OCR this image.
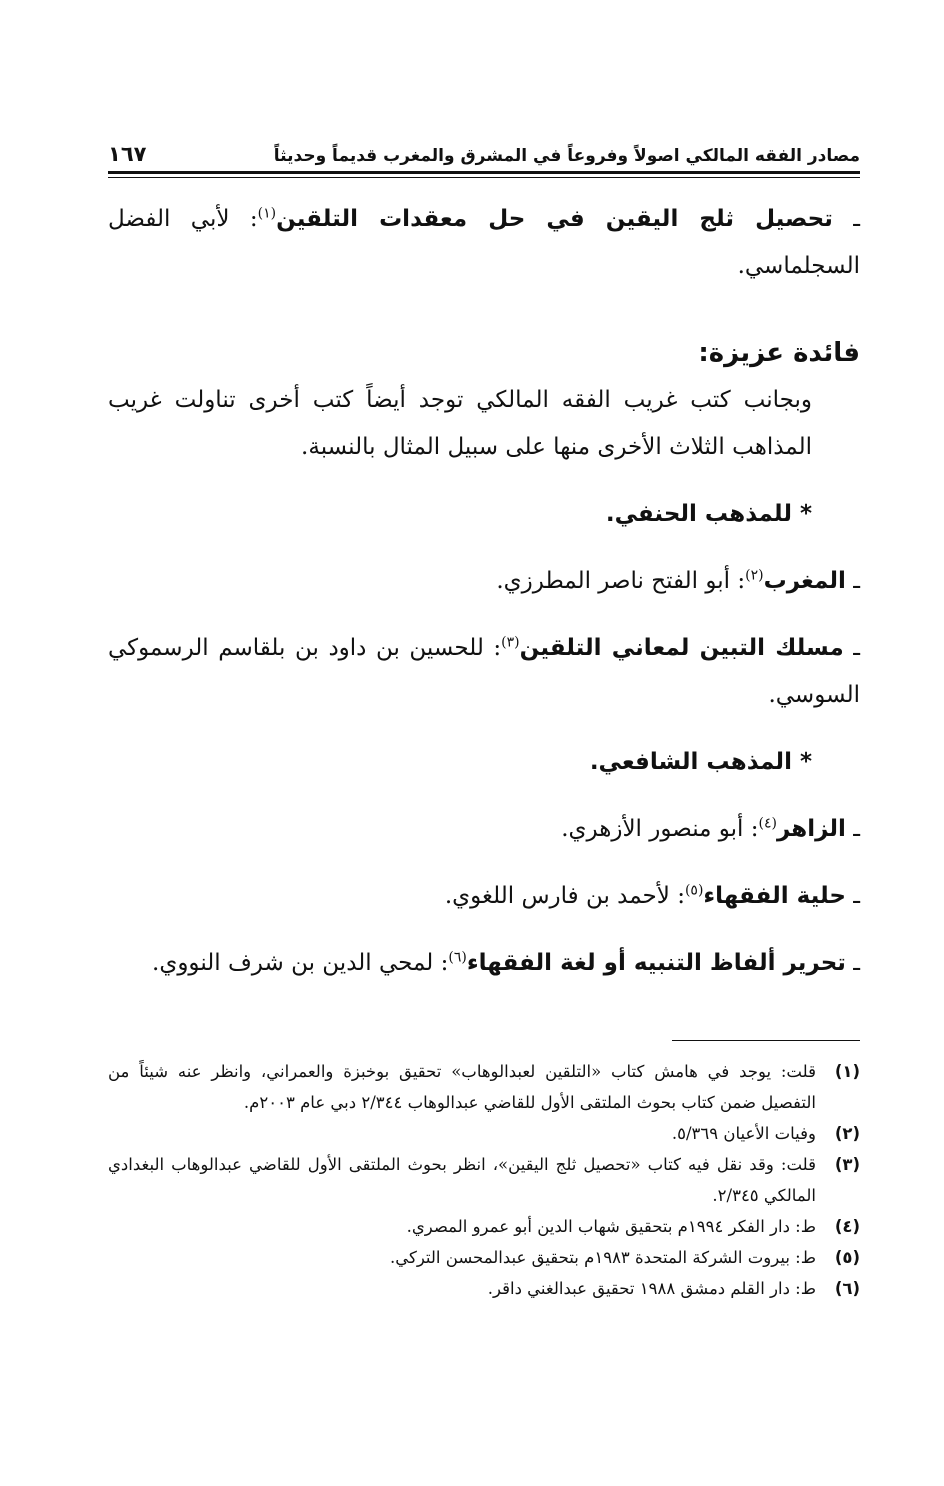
مصادر الفقه المالكي اصولاً وفروعاً في المشرق والمغرب قديماً وحديثاً
١٦٧

ـ تحصيل ثلج اليقين في حل معقدات التلقين$^{(١)}$: لأبي الفضل السجلماسي.

فائدة عزيزة:

وبجانب كتب غريب الفقه المالكي توجد أيضاً كتب أخرى تناولت غريب المذاهب الثلاث الأخرى منها على سبيل المثال بالنسبة.

* للمذهب الحنفي.

ـ المغرب$^{(٢)}$: أبو الفتح ناصر المطرزي.

ـ مسلك التبين لمعاني التلقين$^{(٣)}$: للحسين بن داود بن بلقاسم الرسموكي السوسي.

* المذهب الشافعي.

ـ الزاهر$^{(٤)}$: أبو منصور الأزهري.

ـ حلية الفقهاء$^{(٥)}$: لأحمد بن فارس اللغوي.

ـ تحرير ألفاظ التنبيه أو لغة الفقهاء$^{(٦)}$: لمحي الدين بن شرف النووي.

(١)
قلت: يوجد في هامش كتاب «التلقين لعبدالوهاب» تحقيق بوخبزة والعمراني، وانظر عنه شيئاً من التفصيل ضمن كتاب بحوث الملتقى الأول للقاضي عبدالوهاب ٢/٣٤٤ دبي عام ٢٠٠٣م.
(٢)
وفيات الأعيان ٥/٣٦٩.
(٣)
قلت: وقد نقل فيه كتاب «تحصيل ثلج اليقين»، انظر بحوث الملتقى الأول للقاضي عبدالوهاب البغدادي المالكي ٢/٣٤٥.
(٤)
ط: دار الفكر ١٩٩٤م بتحقيق شهاب الدين أبو عمرو المصري.
(٥)
ط: بيروت الشركة المتحدة ١٩٨٣م بتحقيق عبدالمحسن التركي.
(٦)
ط: دار القلم دمشق ١٩٨٨ تحقيق عبدالغني داقر.
